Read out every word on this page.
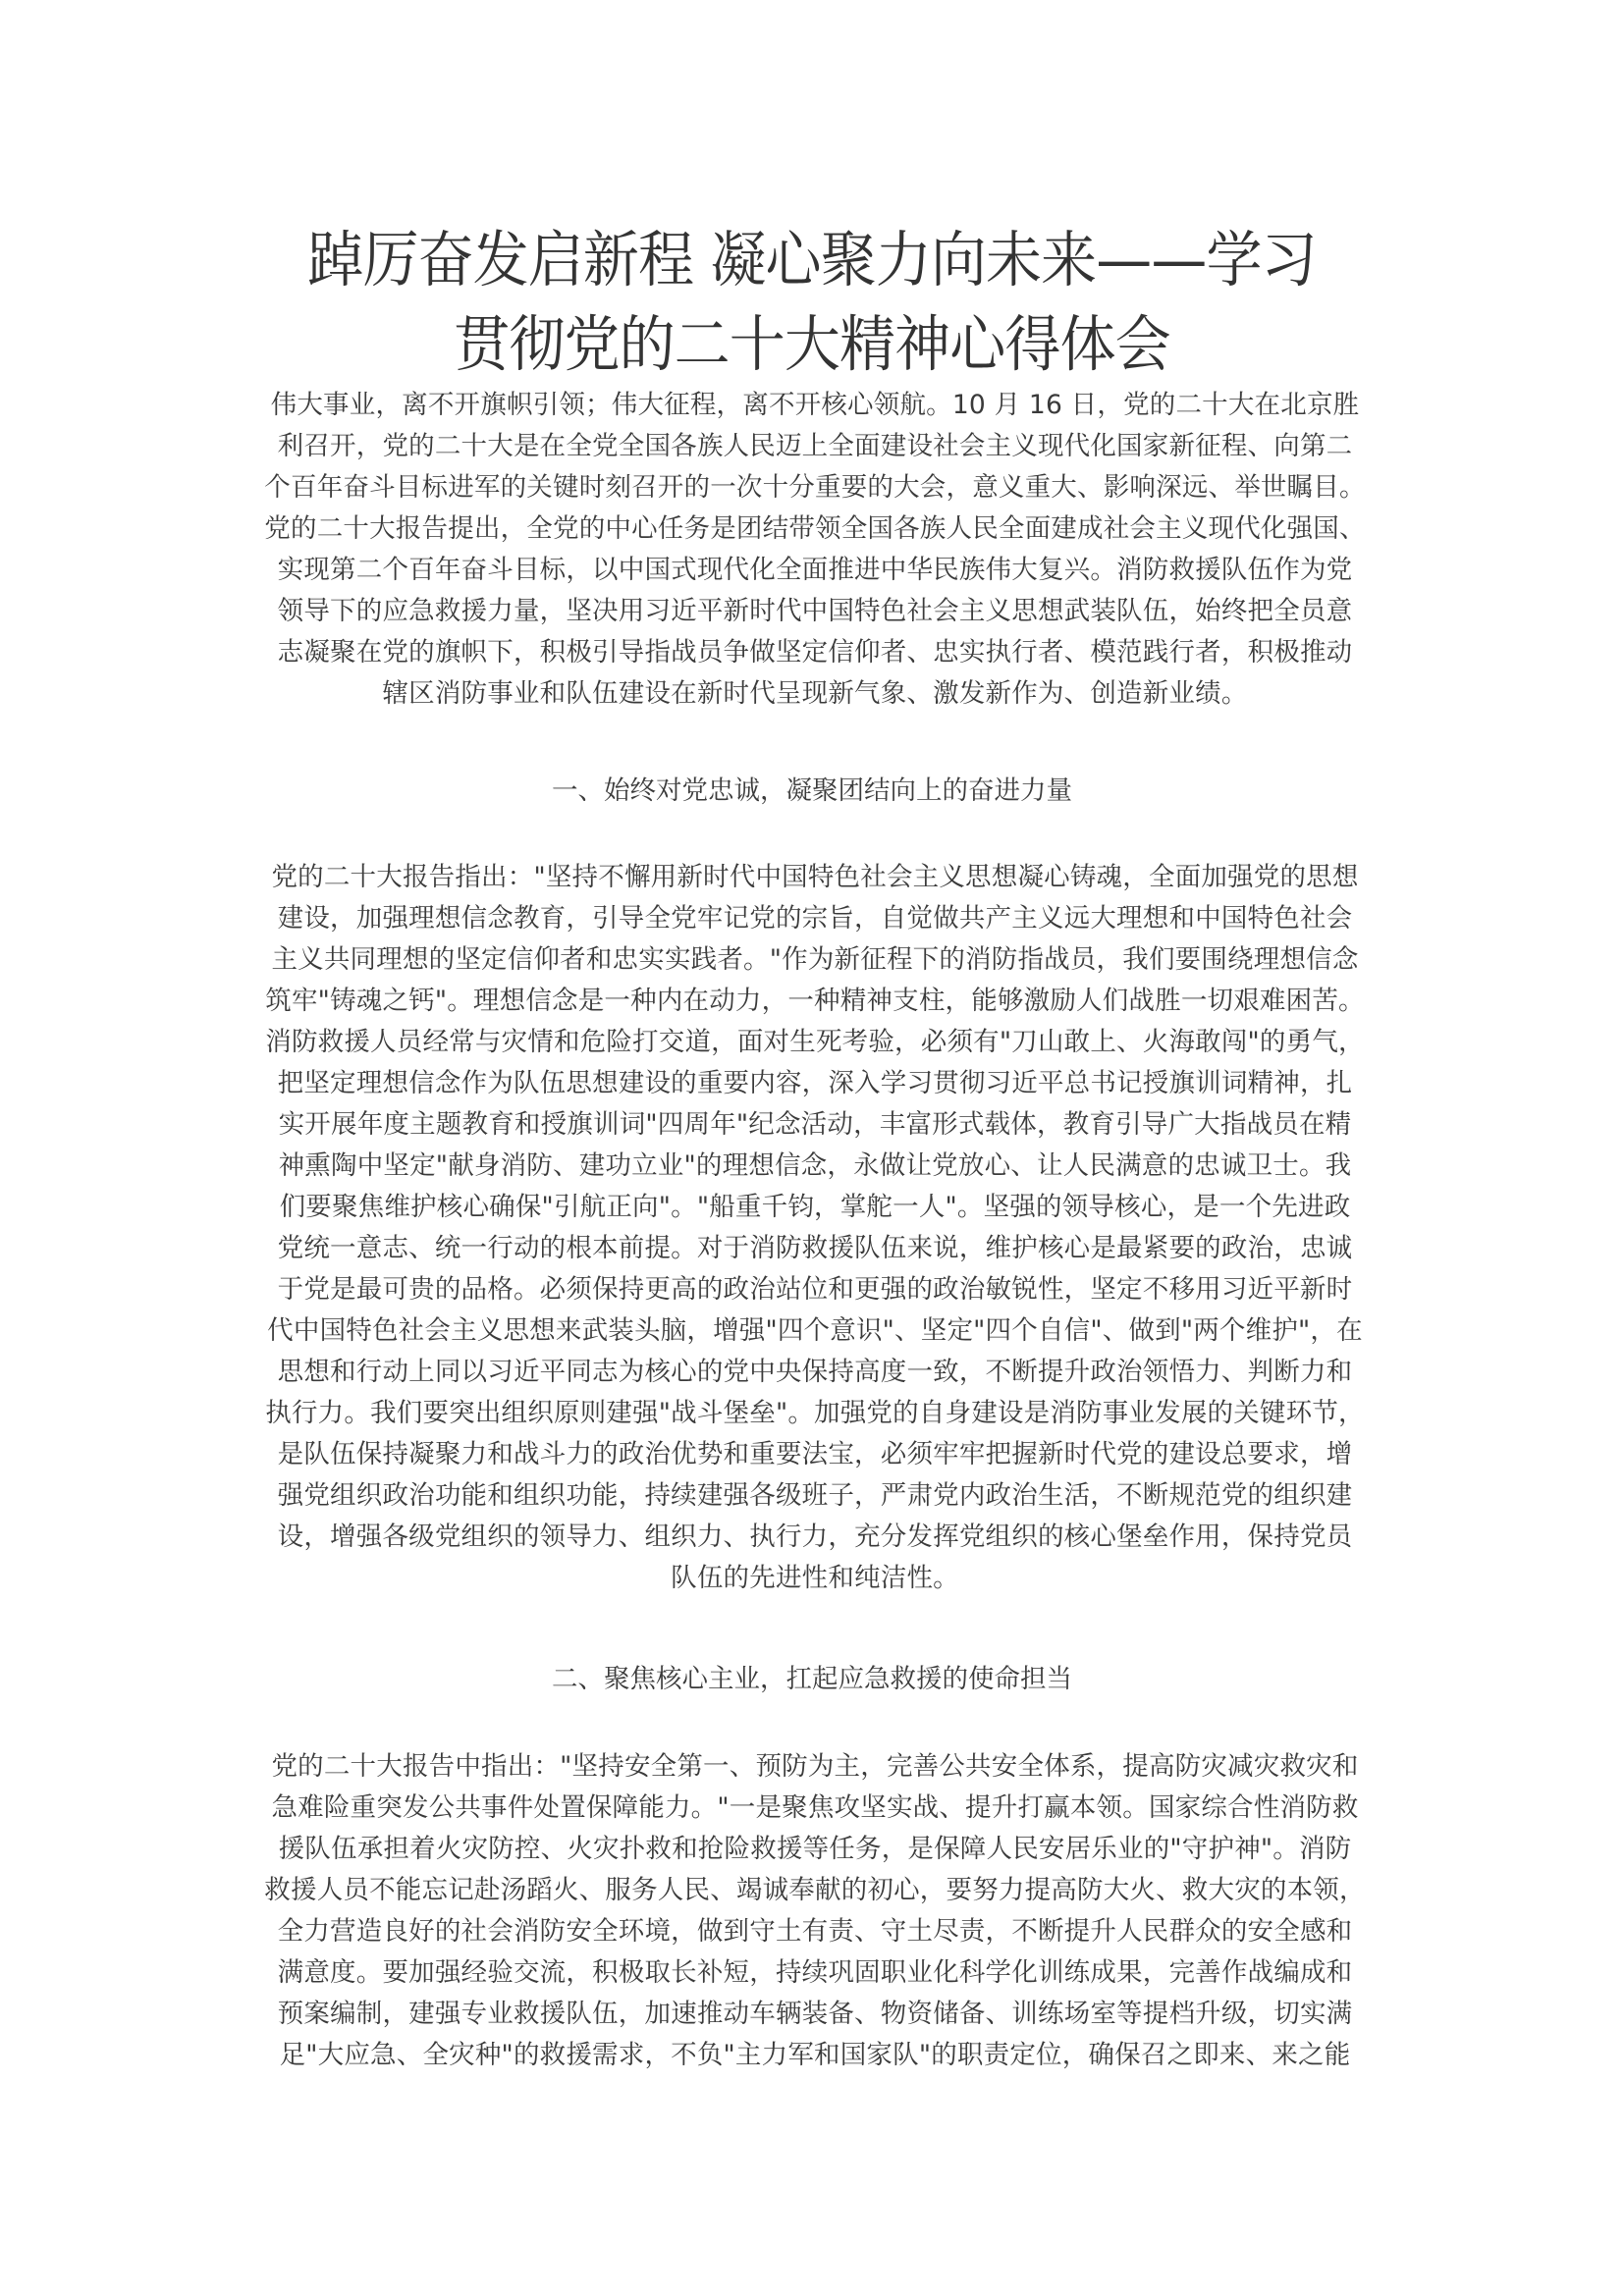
踔厉奋发启新程 凝心聚力向未来——学习
贯彻党的二十大精神心得体会
伟大事业，离不开旗帜引领；伟大征程，离不开核心领航。10 月 16 日，党的二十大在北京胜
利召开，党的二十大是在全党全国各族人民迈上全面建设社会主义现代化国家新征程、向第二
个百年奋斗目标进军的关键时刻召开的一次十分重要的大会，意义重大、影响深远、举世瞩目。
党的二十大报告提出，全党的中心任务是团结带领全国各族人民全面建成社会主义现代化强国、
实现第二个百年奋斗目标，以中国式现代化全面推进中华民族伟大复兴。消防救援队伍作为党
领导下的应急救援力量，坚决用习近平新时代中国特色社会主义思想武装队伍，始终把全员意
志凝聚在党的旗帜下，积极引导指战员争做坚定信仰者、忠实执行者、模范践行者，积极推动
辖区消防事业和队伍建设在新时代呈现新气象、激发新作为、创造新业绩。
一、始终对党忠诚，凝聚团结向上的奋进力量
党的二十大报告指出："坚持不懈用新时代中国特色社会主义思想凝心铸魂，全面加强党的思想
建设，加强理想信念教育，引导全党牢记党的宗旨，自觉做共产主义远大理想和中国特色社会
主义共同理想的坚定信仰者和忠实实践者。"作为新征程下的消防指战员，我们要围绕理想信念
筑牢"铸魂之钙"。理想信念是一种内在动力，一种精神支柱，能够激励人们战胜一切艰难困苦。
消防救援人员经常与灾情和危险打交道，面对生死考验，必须有"刀山敢上、火海敢闯"的勇气，
把坚定理想信念作为队伍思想建设的重要内容，深入学习贯彻习近平总书记授旗训词精神，扎
实开展年度主题教育和授旗训词"四周年"纪念活动，丰富形式载体，教育引导广大指战员在精
神熏陶中坚定"献身消防、建功立业"的理想信念，永做让党放心、让人民满意的忠诚卫士。我
们要聚焦维护核心确保"引航正向"。"船重千钧，掌舵一人"。坚强的领导核心，是一个先进政
党统一意志、统一行动的根本前提。对于消防救援队伍来说，维护核心是最紧要的政治，忠诚
于党是最可贵的品格。必须保持更高的政治站位和更强的政治敏锐性，坚定不移用习近平新时
代中国特色社会主义思想来武装头脑，增强"四个意识"、坚定"四个自信"、做到"两个维护"，在
思想和行动上同以习近平同志为核心的党中央保持高度一致，不断提升政治领悟力、判断力和
执行力。我们要突出组织原则建强"战斗堡垒"。加强党的自身建设是消防事业发展的关键环节，
是队伍保持凝聚力和战斗力的政治优势和重要法宝，必须牢牢把握新时代党的建设总要求，增
强党组织政治功能和组织功能，持续建强各级班子，严肃党内政治生活，不断规范党的组织建
设，增强各级党组织的领导力、组织力、执行力，充分发挥党组织的核心堡垒作用，保持党员
队伍的先进性和纯洁性。
二、聚焦核心主业，扛起应急救援的使命担当
党的二十大报告中指出："坚持安全第一、预防为主，完善公共安全体系，提高防灾减灾救灾和
急难险重突发公共事件处置保障能力。"一是聚焦攻坚实战、提升打赢本领。国家综合性消防救
援队伍承担着火灾防控、火灾扑救和抢险救援等任务，是保障人民安居乐业的"守护神"。消防
救援人员不能忘记赴汤蹈火、服务人民、竭诚奉献的初心，要努力提高防大火、救大灾的本领，
全力营造良好的社会消防安全环境，做到守土有责、守土尽责，不断提升人民群众的安全感和
满意度。要加强经验交流，积极取长补短，持续巩固职业化科学化训练成果，完善作战编成和
预案编制，建强专业救援队伍，加速推动车辆装备、物资储备、训练场室等提档升级，切实满
足"大应急、全灾种"的救援需求，不负"主力军和国家队"的职责定位，确保召之即来、来之能
